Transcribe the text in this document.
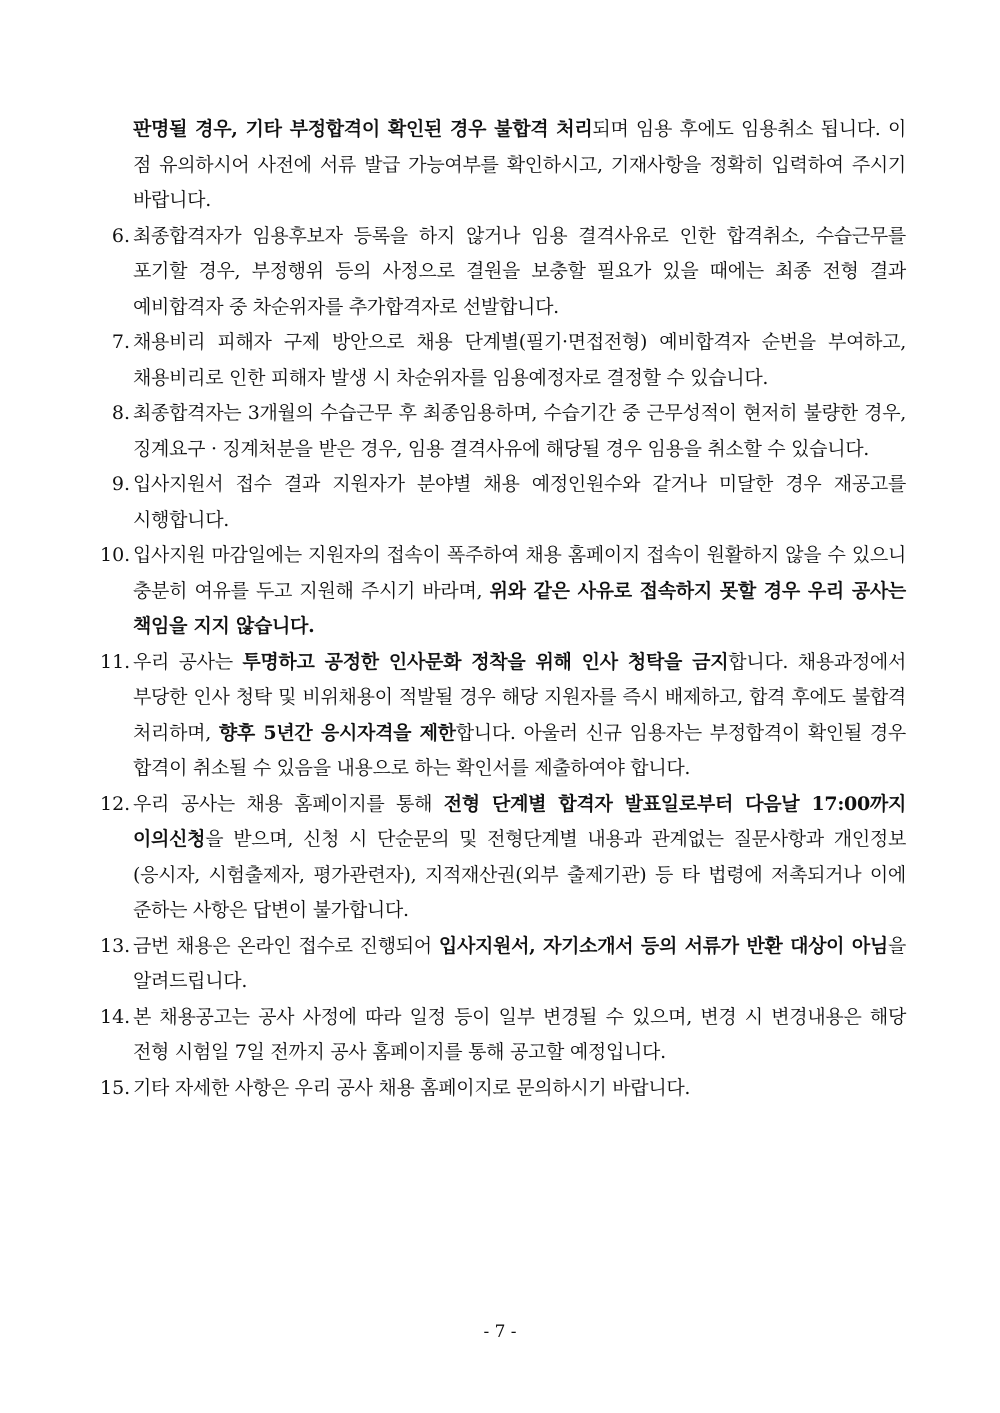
판명될 경우, 기타 부정합격이 확인된 경우 불합격 처리되며 임용 후에도 임용취소 됩니다. 이 점 유의하시어 사전에 서류 발급 가능여부를 확인하시고, 기재사항을 정확히 입력하여 주시기 바랍니다.
6. 최종합격자가 임용후보자 등록을 하지 않거나 임용 결격사유로 인한 합격취소, 수습근무를 포기할 경우, 부정행위 등의 사정으로 결원을 보충할 필요가 있을 때에는 최종 전형 결과 예비합격자 중 차순위자를 추가합격자로 선발합니다.
7. 채용비리 피해자 구제 방안으로 채용 단계별(필기·면접전형) 예비합격자 순번을 부여하고, 채용비리로 인한 피해자 발생 시 차순위자를 임용예정자로 결정할 수 있습니다.
8. 최종합격자는 3개월의 수습근무 후 최종임용하며, 수습기간 중 근무성적이 현저히 불량한 경우, 징계요구 · 징계처분을 받은 경우, 임용 결격사유에 해당될 경우 임용을 취소할 수 있습니다.
9. 입사지원서 접수 결과 지원자가 분야별 채용 예정인원수와 같거나 미달한 경우 재공고를 시행합니다.
10. 입사지원 마감일에는 지원자의 접속이 폭주하여 채용 홈페이지 접속이 원활하지 않을 수 있으니 충분히 여유를 두고 지원해 주시기 바라며, 위와 같은 사유로 접속하지 못할 경우 우리 공사는 책임을 지지 않습니다.
11. 우리 공사는 투명하고 공정한 인사문화 정착을 위해 인사 청탁을 금지합니다. 채용과정에서 부당한 인사 청탁 및 비위채용이 적발될 경우 해당 지원자를 즉시 배제하고, 합격 후에도 불합격 처리하며, 향후 5년간 응시자격을 제한합니다. 아울러 신규 임용자는 부정합격이 확인될 경우 합격이 취소될 수 있음을 내용으로 하는 확인서를 제출하여야 합니다.
12. 우리 공사는 채용 홈페이지를 통해 전형 단계별 합격자 발표일로부터 다음날 17:00까지 이의신청을 받으며, 신청 시 단순문의 및 전형단계별 내용과 관계없는 질문사항과 개인정보(응시자, 시험출제자, 평가관련자), 지적재산권(외부 출제기관) 등 타 법령에 저촉되거나 이에 준하는 사항은 답변이 불가합니다.
13. 금번 채용은 온라인 접수로 진행되어 입사지원서, 자기소개서 등의 서류가 반환 대상이 아님을 알려드립니다.
14. 본 채용공고는 공사 사정에 따라 일정 등이 일부 변경될 수 있으며, 변경 시 변경내용은 해당 전형 시험일 7일 전까지 공사 홈페이지를 통해 공고할 예정입니다.
15. 기타 자세한 사항은 우리 공사 채용 홈페이지로 문의하시기 바랍니다.
- 7 -
